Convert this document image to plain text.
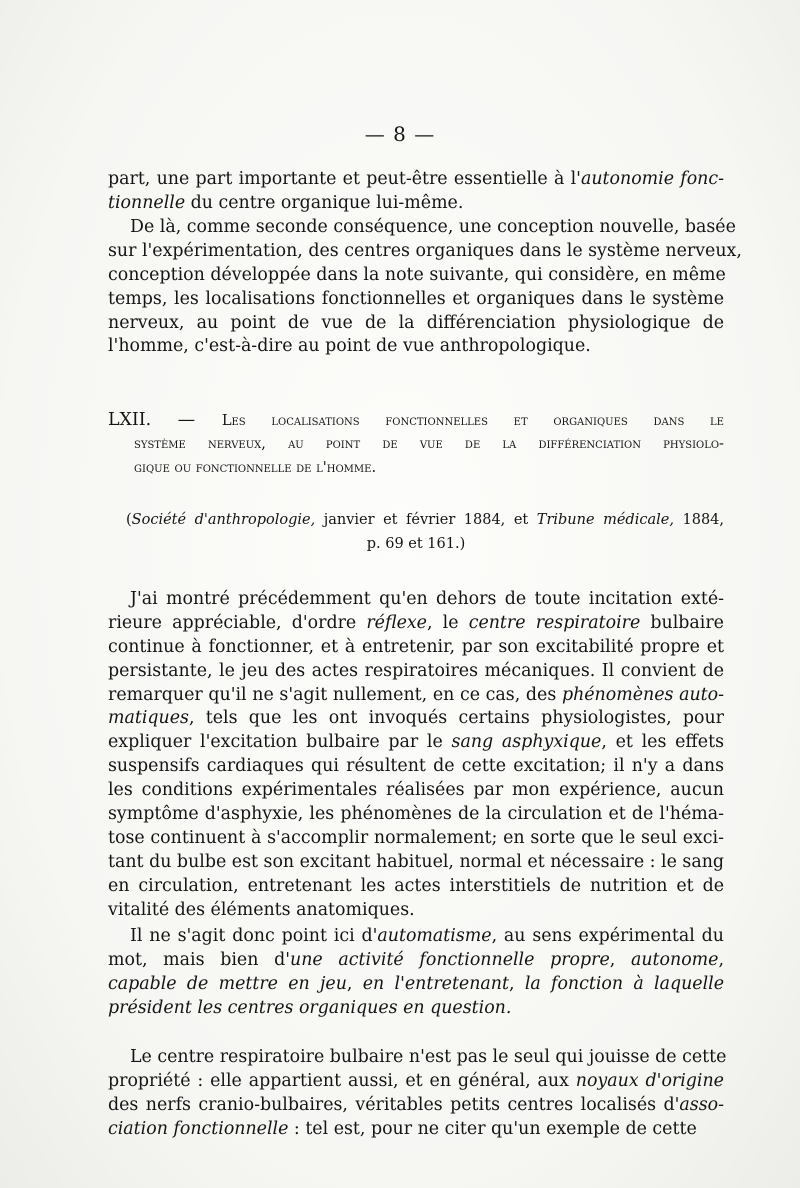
— 8 —
part, une part importante et peut-être essentielle à l'autonomie fonc-
tionnelle du centre organique lui-même.
De là, comme seconde conséquence, une conception nouvelle, basée
sur l'expérimentation, des centres organiques dans le système nerveux,
conception développée dans la note suivante, qui considère, en même
temps, les localisations fonctionnelles et organiques dans le système
nerveux, au point de vue de la différenciation physiologique de
l'homme, c'est-à-dire au point de vue anthropologique.
LXII. — Les localisations fonctionnelles et organiques dans le
système nerveux, au point de vue de la différenciation physiolo-
gique ou fonctionnelle de l'homme.
(Société d'anthropologie, janvier et février 1884, et Tribune médicale, 1884,
p. 69 et 161.)
J'ai montré précédemment qu'en dehors de toute incitation exté-
rieure appréciable, d'ordre réflexe, le centre respiratoire bulbaire
continue à fonctionner, et à entretenir, par son excitabilité propre et
persistante, le jeu des actes respiratoires mécaniques. Il convient de
remarquer qu'il ne s'agit nullement, en ce cas, des phénomènes auto-
matiques, tels que les ont invoqués certains physiologistes, pour
expliquer l'excitation bulbaire par le sang asphyxique, et les effets
suspensifs cardiaques qui résultent de cette excitation; il n'y a dans
les conditions expérimentales réalisées par mon expérience, aucun
symptôme d'asphyxie, les phénomènes de la circulation et de l'héma-
tose continuent à s'accomplir normalement; en sorte que le seul exci-
tant du bulbe est son excitant habituel, normal et nécessaire : le sang
en circulation, entretenant les actes interstitiels de nutrition et de
vitalité des éléments anatomiques.
Il ne s'agit donc point ici d'automatisme, au sens expérimental du
mot, mais bien d'une activité fonctionnelle propre, autonome,
capable de mettre en jeu, en l'entretenant, la fonction à laquelle
président les centres organiques en question.
Le centre respiratoire bulbaire n'est pas le seul qui jouisse de cette
propriété : elle appartient aussi, et en général, aux noyaux d'origine
des nerfs cranio-bulbaires, véritables petits centres localisés d'asso-
ciation fonctionnelle : tel est, pour ne citer qu'un exemple de cette
